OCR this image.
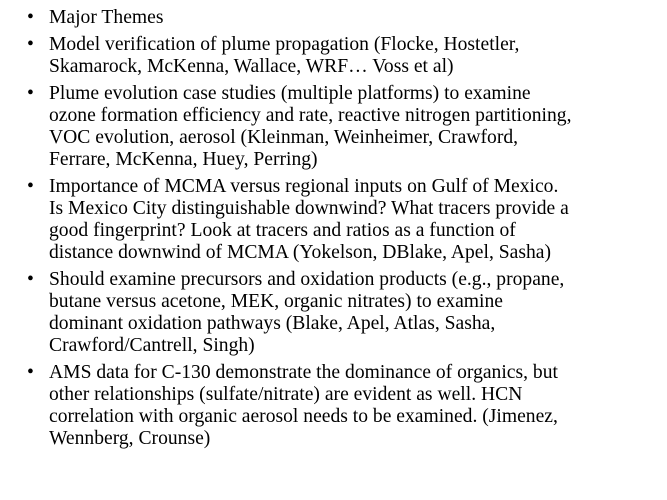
• Major Themes
• Model verification of plume propagation (Flocke, Hostetler,
Skamarock, McKenna, Wallace, WRF… Voss et al)
• Plume evolution case studies (multiple platforms) to examine
ozone formation efficiency and rate, reactive nitrogen partitioning,
VOC evolution, aerosol (Kleinman, Weinheimer, Crawford,
Ferrare, McKenna, Huey, Perring)
• Importance of MCMA versus regional inputs on Gulf of Mexico.
Is Mexico City distinguishable downwind? What tracers provide a
good fingerprint? Look at tracers and ratios as a function of
distance downwind of MCMA (Yokelson, DBlake, Apel, Sasha)
• Should examine precursors and oxidation products (e.g., propane,
butane versus acetone, MEK, organic nitrates) to examine
dominant oxidation pathways (Blake, Apel, Atlas, Sasha,
Crawford/Cantrell, Singh)
• AMS data for C-130 demonstrate the dominance of organics, but
other relationships (sulfate/nitrate) are evident as well. HCN
correlation with organic aerosol needs to be examined. (Jimenez,
Wennberg, Crounse)
